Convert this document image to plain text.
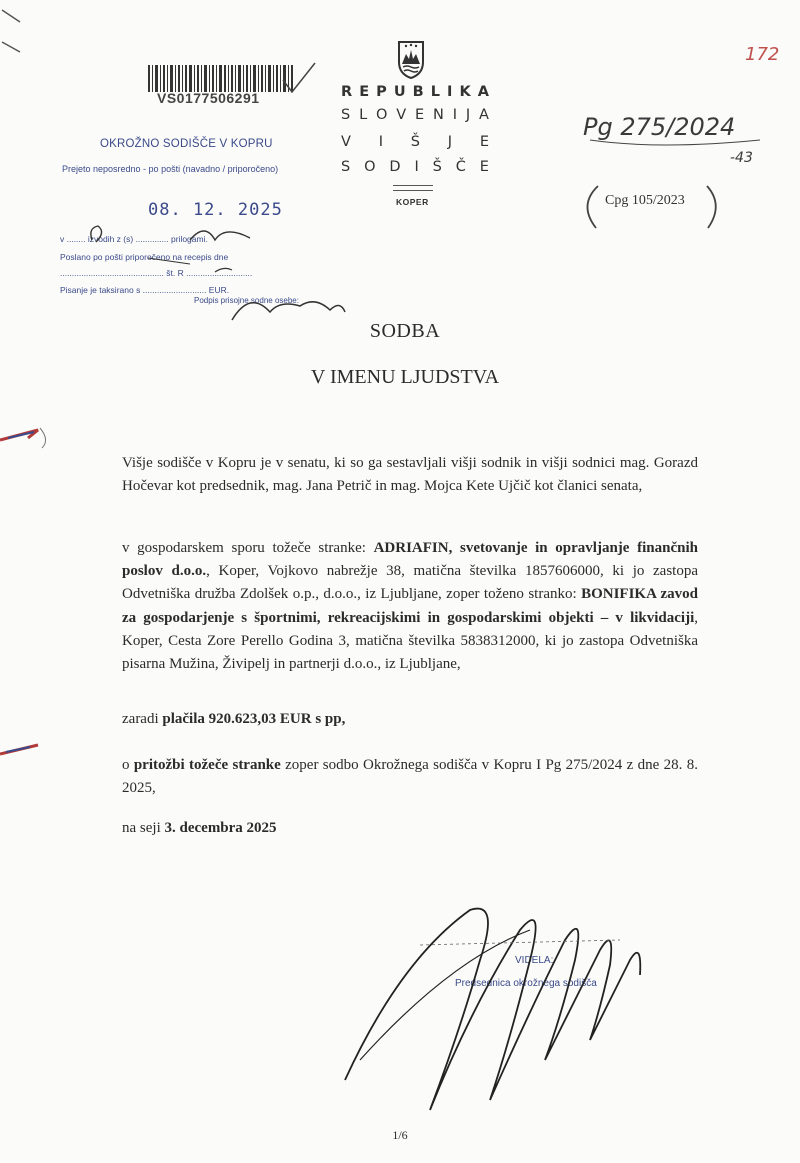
VS0177506291
OKROŽNO SODIŠČE V KOPRU
Prejeto neposredno - po pošti (navadno / priporočeno)
08. 12. 2025
v ........ izvodih z (s) .............. prilogami.
Poslano po pošti priporočeno na recepis dne
............................................ št. R ............................
Pisanje je taksirano s ........................... EUR.
Podpis prisojne sodne osebe:
R E P U B L I K A
S L O V E N I J A
V I Š J E
S O D I Š Č E
KOPER
172
Pg 275/2024
-43
Cpg 105/2023
SODBA
V IMENU LJUDSTVA
Višje sodišče v Kopru je v senatu, ki so ga sestavljali višji sodnik in višji sodnici mag. Gorazd Hočevar kot predsednik, mag. Jana Petrič in mag. Mojca Kete Ujčič kot članici senata,
v gospodarskem sporu tožeče stranke: ADRIAFIN, svetovanje in opravljanje finančnih poslov d.o.o., Koper, Vojkovo nabrežje 38, matična številka 1857606000, ki jo zastopa Odvetniška družba Zdolšek o.p., d.o.o., iz Ljubljane, zoper toženo stranko: BONIFIKA zavod za gospodarjenje s športnimi, rekreacijskimi in gospodarskimi objekti – v likvidaciji, Koper, Cesta Zore Perello Godina 3, matična številka 5838312000, ki jo zastopa Odvetniška pisarna Mužina, Živipelj in partnerji d.o.o., iz Ljubljane,
zaradi plačila 920.623,03 EUR s pp,
o pritožbi tožeče stranke zoper sodbo Okrožnega sodišča v Kopru I Pg 275/2024 z dne 28. 8. 2025,
na seji 3. decembra 2025
VIDELA:
Predsednica okrožnega sodišča
1/6
